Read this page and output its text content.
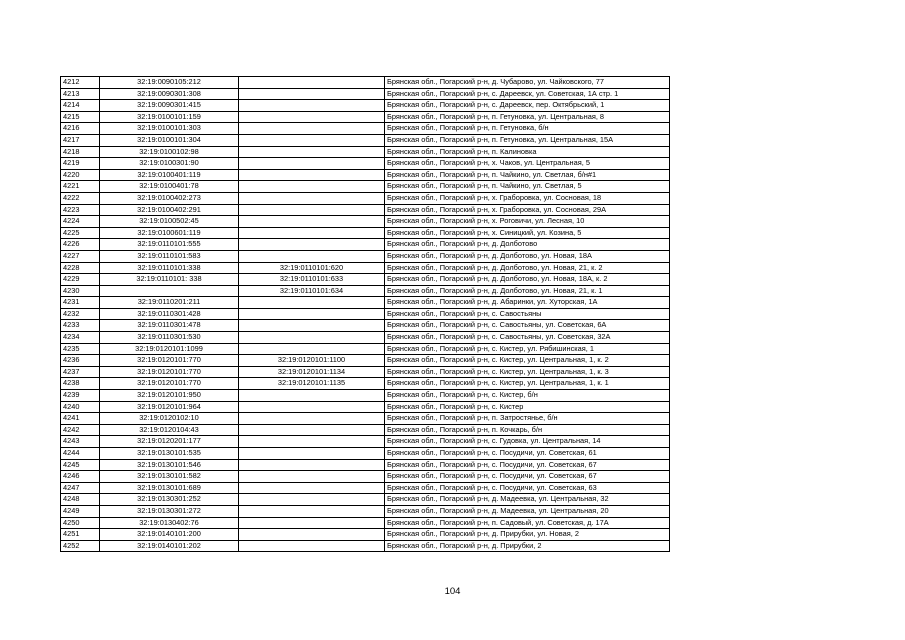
4212	32:19:0090105:212		Брянская обл., Погарский р-н, д. Чубарово, ул. Чайковского, 77
4213	32:19:0090301:308		Брянская обл., Погарский р-н, с. Дареевск, ул. Советская, 1А стр. 1
4214	32:19:0090301:415		Брянская обл., Погарский р-н, с. Дареевск, пер. Октябрьский, 1
4215	32:19:0100101:159		Брянская обл., Погарский р-н, п. Гетуновка, ул. Центральная, 8
4216	32:19:0100101:303		Брянская обл., Погарский р-н, п. Гетуновка, б/н
4217	32:19:0100101:304		Брянская обл., Погарский р-н, п. Гетуновка, ул. Центральная, 15А
4218	32:19:0100102:98		Брянская обл., Погарский р-н, п. Калиновка
4219	32:19:0100301:90		Брянская обл., Погарский р-н, х. Чаков, ул. Центральная, 5
4220	32:19:0100401:119		Брянская обл., Погарский р-н, п. Чайкино, ул. Светлая, б/н#1
4221	32:19:0100401:78		Брянская обл., Погарский р-н, п. Чайкино, ул. Светлая, 5
4222	32:19:0100402:273		Брянская обл., Погарский р-н, х. Граборовка, ул. Сосновая, 18
4223	32:19:0100402:291		Брянская обл., Погарский р-н, х. Граборовка, ул. Сосновая, 29А
4224	32:19:0100502:45		Брянская обл., Погарский р-н, х. Роговичи, ул. Лесная, 10
4225	32:19:0100601:119		Брянская обл., Погарский р-н, х. Синицкий, ул. Козина, 5
4226	32:19:0110101:555		Брянская обл., Погарский р-н, д. Долботово
4227	32:19:0110101:583		Брянская обл., Погарский р-н, д. Долботово, ул. Новая, 18А
4228	32:19:0110101:338	32:19:0110101:620	Брянская обл., Погарский р-н, д. Долботово, ул. Новая, 21, к. 2
4229	32:19:0110101: 338	32:19:0110101:633	Брянская обл., Погарский р-н, д. Долботово, ул. Новая, 18А, к. 2
4230		32:19:0110101:634	Брянская обл., Погарский р-н, д. Долботово, ул. Новая, 21, к. 1
4231	32:19:0110201:211		Брянская обл., Погарский р-н, д. Абаринки, ул. Хуторская, 1А
4232	32:19:0110301:428		Брянская обл., Погарский р-н, с. Савостьяны
4233	32:19:0110301:478		Брянская обл., Погарский р-н, с. Савостьяны, ул. Советская, 6А
4234	32:19:0110301:530		Брянская обл., Погарский р-н, с. Савостьяны, ул. Советская, 32А
4235	32:19:0120101:1099		Брянская обл., Погарский р-н, с. Кистер, ул. Рябишинская, 1
4236	32:19:0120101:770	32:19:0120101:1100	Брянская обл., Погарский р-н, с. Кистер, ул. Центральная, 1, к. 2
4237	32:19:0120101:770	32:19:0120101:1134	Брянская обл., Погарский р-н, с. Кистер, ул. Центральная, 1, к. 3
4238	32:19:0120101:770	32:19:0120101:1135	Брянская обл., Погарский р-н, с. Кистер, ул. Центральная, 1, к. 1
4239	32:19:0120101:950		Брянская обл., Погарский р-н, с. Кистер, б/н
4240	32:19:0120101:964		Брянская обл., Погарский р-н, с. Кистер
4241	32:19:0120102:10		Брянская обл., Погарский р-н, п. Затростянье, б/н
4242	32:19:0120104:43		Брянская обл., Погарский р-н, п. Кочкарь, б/н
4243	32:19:0120201:177		Брянская обл., Погарский р-н, с. Гудовка, ул. Центральная, 14
4244	32:19:0130101:535		Брянская обл., Погарский р-н, с. Посудичи, ул. Советская, 61
4245	32:19:0130101:546		Брянская обл., Погарский р-н, с. Посудичи, ул. Советская, 67
4246	32:19:0130101:582		Брянская обл., Погарский р-н, с. Посудичи, ул. Советская, 67
4247	32:19:0130101:689		Брянская обл., Погарский р-н, с. Посудичи, ул. Советская, 63
4248	32:19:0130301:252		Брянская обл., Погарский р-н, д. Мадеевка, ул. Центральная, 32
4249	32:19:0130301:272		Брянская обл., Погарский р-н, д. Мадеевка, ул. Центральная, 20
4250	32:19:0130402:76		Брянская обл., Погарский р-н, п. Садовый, ул. Советская, д. 17А
4251	32:19:0140101:200		Брянская обл., Погарский р-н, д. Прирубки, ул. Новая, 2
4252	32:19:0140101:202		Брянская обл., Погарский р-н, д. Прирубки, 2
104
